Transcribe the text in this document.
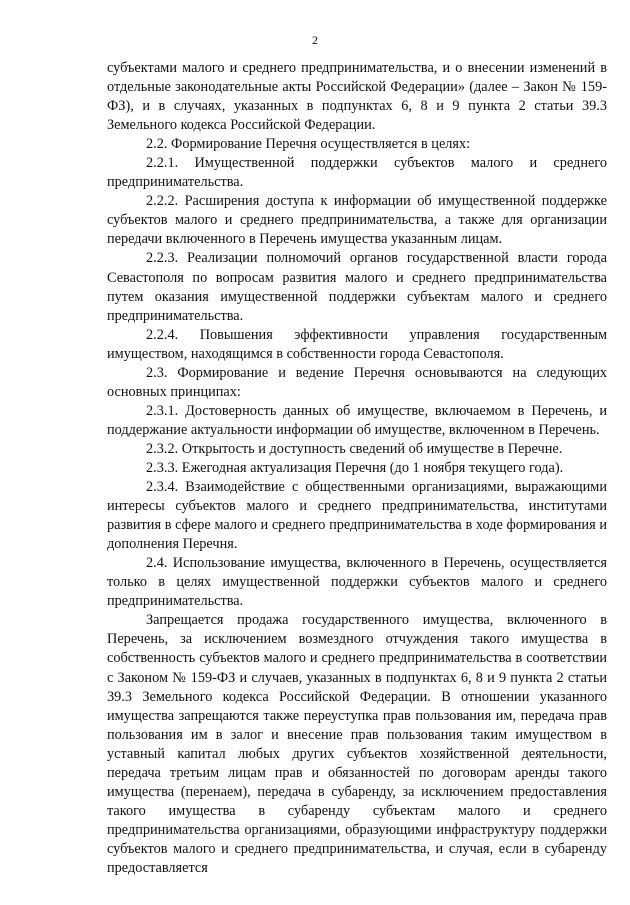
2

субъектами малого и среднего предпринимательства, и о внесении изменений в отдельные законодательные акты Российской Федерации» (далее – Закон № 159-ФЗ), и в случаях, указанных в подпунктах 6, 8 и 9 пункта 2 статьи 39.3 Земельного кодекса Российской Федерации.

2.2. Формирование Перечня осуществляется в целях:

2.2.1. Имущественной поддержки субъектов малого и среднего предпринимательства.

2.2.2. Расширения доступа к информации об имущественной поддержке субъектов малого и среднего предпринимательства, а также для организации передачи включенного в Перечень имущества указанным лицам.

2.2.3. Реализации полномочий органов государственной власти города Севастополя по вопросам развития малого и среднего предпринимательства путем оказания имущественной поддержки субъектам малого и среднего предпринимательства.

2.2.4. Повышения эффективности управления государственным имуществом, находящимся в собственности города Севастополя.

2.3. Формирование и ведение Перечня основываются на следующих основных принципах:

2.3.1. Достоверность данных об имуществе, включаемом в Перечень, и поддержание актуальности информации об имуществе, включенном в Перечень.

2.3.2. Открытость и доступность сведений об имуществе в Перечне.

2.3.3. Ежегодная актуализация Перечня (до 1 ноября текущего года).

2.3.4. Взаимодействие с общественными организациями, выражающими интересы субъектов малого и среднего предпринимательства, институтами развития в сфере малого и среднего предпринимательства в ходе формирования и дополнения Перечня.

2.4. Использование имущества, включенного в Перечень, осуществляется только в целях имущественной поддержки субъектов малого и среднего предпринимательства.

Запрещается продажа государственного имущества, включенного в Перечень, за исключением возмездного отчуждения такого имущества в собственность субъектов малого и среднего предпринимательства в соответствии с Законом № 159-ФЗ и случаев, указанных в подпунктах 6, 8 и 9 пункта 2 статьи 39.3 Земельного кодекса Российской Федерации. В отношении указанного имущества запрещаются также переуступка прав пользования им, передача прав пользования им в залог и внесение прав пользования таким имуществом в уставный капитал любых других субъектов хозяйственной деятельности, передача третьим лицам прав и обязанностей по договорам аренды такого имущества (перенаем), передача в субаренду, за исключением предоставления такого имущества в субаренду субъектам малого и среднего предпринимательства организациями, образующими инфраструктуру поддержки субъектов малого и среднего предпринимательства, и случая, если в субаренду предоставляется
